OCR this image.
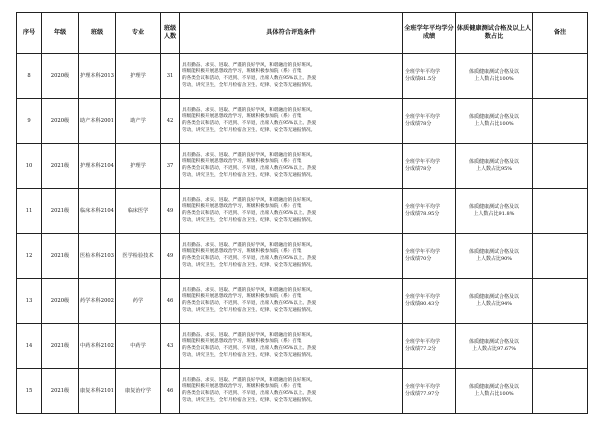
序号	年级	班级	专业	班级人数	具体符合评选条件	全班学年平均学分成绩	体质健康测试合格及以上人数占比	备注
8	2020级	护理本科2013	护理学	31	具有勤奋、求实、进取、严谨的良好学风，和谐融洽的良好班风。
班级能积极开展思想政治学习，班级积极参加院（系）召集
的各类会议和活动，不迟到、不早退，出席人数在95%以上。热爱
劳动，讲究卫生，全年月检宿舍卫生、纪律、安全等无通报情况。	全班学年平均学
分成绩81.5分	体质健康测试合格及以
上人数占比100%	

9	2020级	助产本科2001	助产学	42	具有勤奋、求实、进取、严谨的良好学风，和谐融洽的良好班风。
班级能积极开展思想政治学习，班级积极参加院（系）召集
的各类会议和活动，不迟到、不早退，出席人数在95%以上。热爱
劳动，讲究卫生，全年月检宿舍卫生、纪律、安全等无通报情况。	全班学年平均学
分成绩78分	体质健康测试合格及以
上人数占比100%	

10	2021级	护理本科2104	护理学	37	具有勤奋、求实、进取、严谨的良好学风，和谐融洽的良好班风。
班级能积极开展思想政治学习，班级积极参加院（系）召集
的各类会议和活动，不迟到、不早退，出席人数在95%以上。热爱
劳动，讲究卫生，全年月检宿舍卫生、纪律、安全等无通报情况。	全班学年平均学
分成绩78分	体质健康测试合格及以
上人数占比95%	

11	2021级	临床本科2104	临床医学	49	具有勤奋、求实、进取、严谨的良好学风，和谐融洽的良好班风。
班级能积极开展思想政治学习，班级积极参加院（系）召集
的各类会议和活动，不迟到、不早退，出席人数在95%以上。热爱
劳动，讲究卫生，全年月检宿舍卫生、纪律、安全等无通报情况。	全班学年平均学
分成绩78.95分	体质健康测试合格及以
上人数占比91.8%	

12	2021级	医检本科2103	医学检验技术	49	具有勤奋、求实、进取、严谨的良好学风，和谐融洽的良好班风。
班级能积极开展思想政治学习，班级积极参加院（系）召集
的各类会议和活动，不迟到、不早退，出席人数在95%以上。热爱
劳动，讲究卫生，全年月检宿舍卫生、纪律、安全等无通报情况。	全班学年平均学
分成绩70分	体质健康测试合格及以
上人数占比90%	

13	2020级	药学本科2002	药学	46	具有勤奋、求实、进取、严谨的良好学风，和谐融洽的良好班风。
班级能积极开展思想政治学习，班级积极参加院（系）召集
的各类会议和活动，不迟到、不早退，出席人数在95%以上。热爱
劳动，讲究卫生，全年月检宿舍卫生、纪律、安全等无通报情况。	全班学年平均学
分成绩80.43分	体质健康测试合格及以
上人数占比94%	

14	2021级	中药本科2102	中药学	43	具有勤奋、求实、进取、严谨的良好学风，和谐融洽的良好班风。
班级能积极开展思想政治学习，班级积极参加院（系）召集
的各类会议和活动，不迟到、不早退，出席人数在95%以上。热爱
劳动，讲究卫生，全年月检宿舍卫生、纪律、安全等无通报情况。	全班学年平均学
分成绩77.2分	体质健康测试合格及以
上人数占比97.67%	

15	2021级	康复本科2101	康复治疗学	46	具有勤奋、求实、进取、严谨的良好学风，和谐融洽的良好班风。
班级能积极开展思想政治学习，班级积极参加院（系）召集
的各类会议和活动，不迟到、不早退，出席人数在95%以上。热爱
劳动，讲究卫生，全年月检宿舍卫生、纪律、安全等无通报情况。	全班学年平均学
分成绩77.97分	体质健康测试合格及以
上人数占比100%	
